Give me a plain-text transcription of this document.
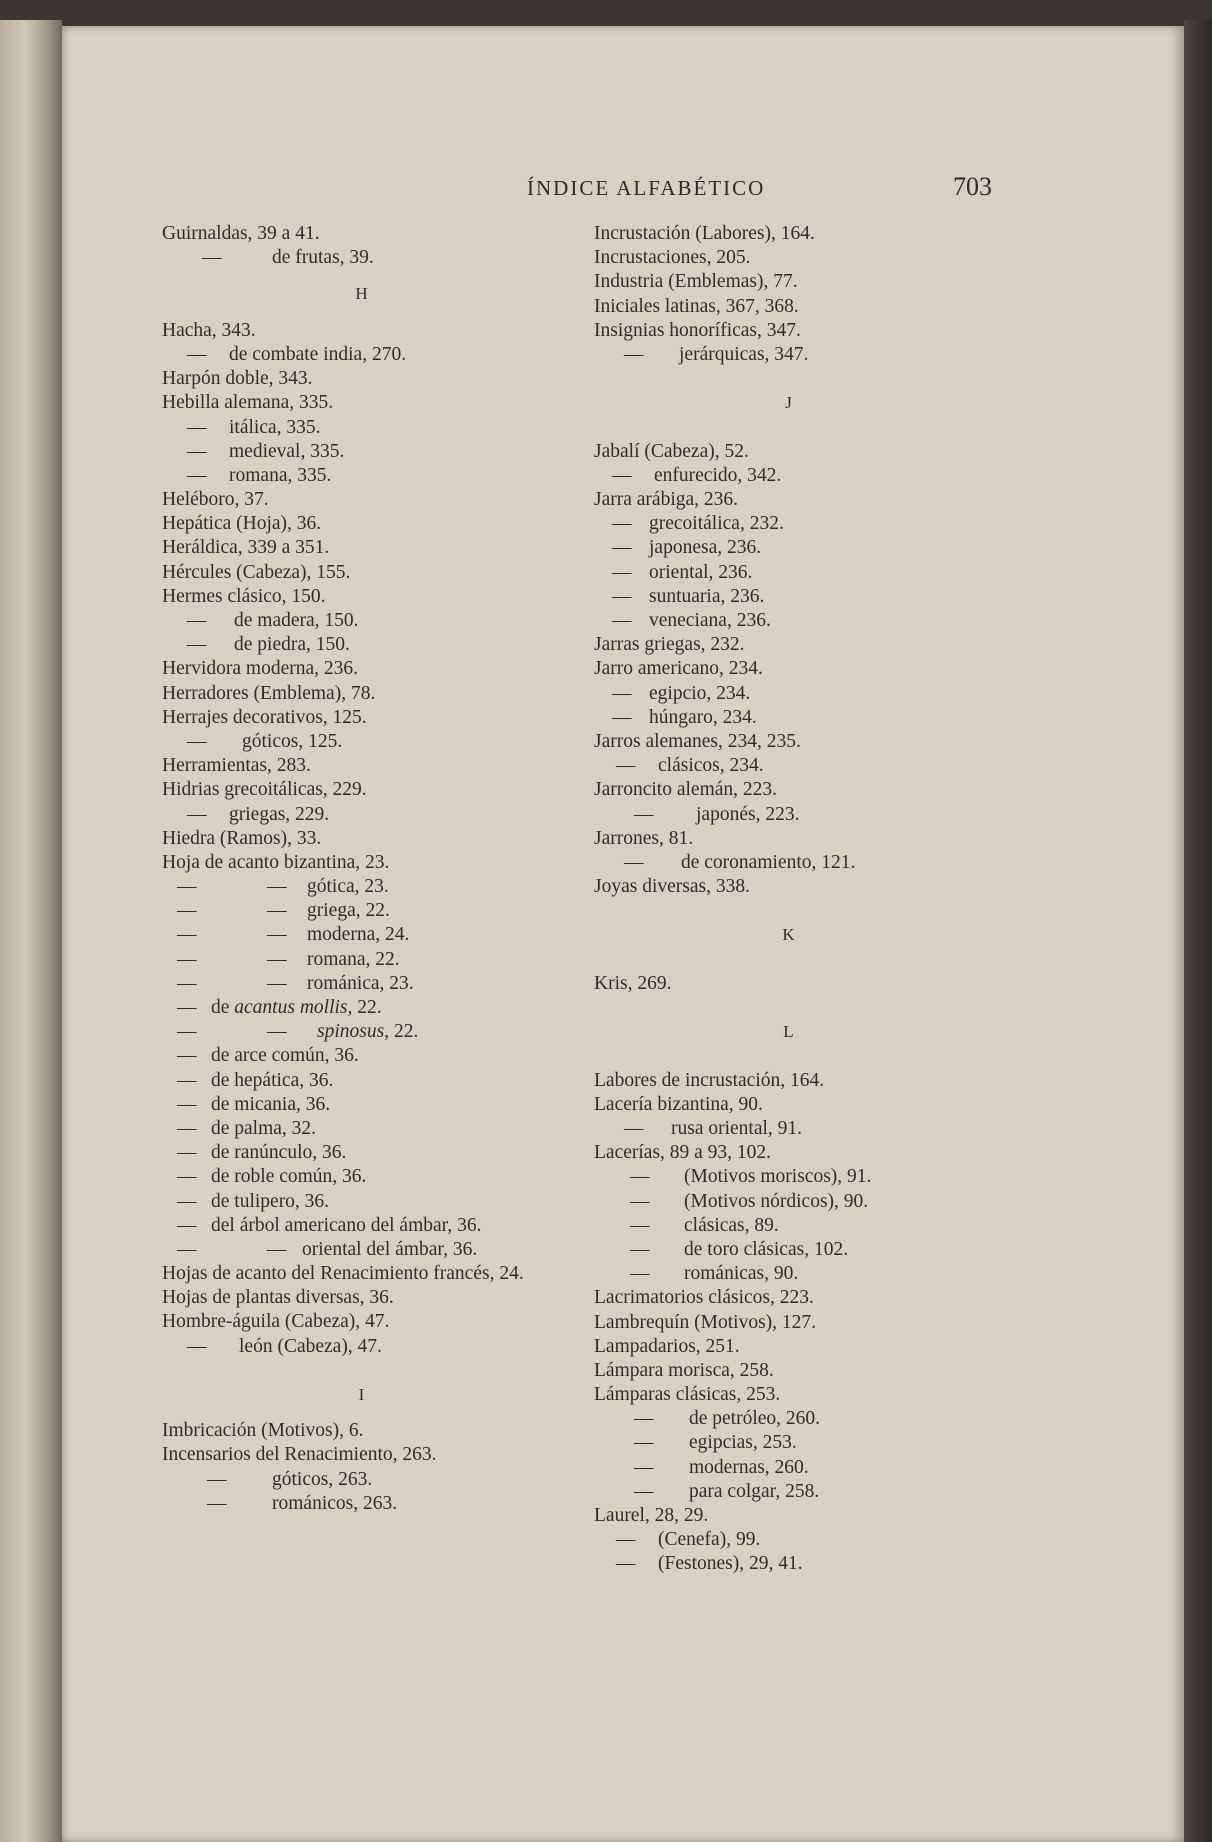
ÍNDICE ALFABÉTICO	703
Guirnaldas, 39 a 41.
—	de frutas, 39.
H
Hacha, 343.
— de combate india, 270.
Harpón doble, 343.
Hebilla alemana, 335.
— itálica, 335.
— medieval, 335.
— romana, 335.
Heléboro, 37.
Hepática (Hoja), 36.
Heráldica, 339 a 351.
Hércules (Cabeza), 155.
Hermes clásico, 150.
— de madera, 150.
— de piedra, 150.
Hervidora moderna, 236.
Herradores (Emblema), 78.
Herrajes decorativos, 125.
— góticos, 125.
Herramientas, 283.
Hidrias grecoitálicas, 229.
— griegas, 229.
Hiedra (Ramos), 33.
Hoja de acanto bizantina, 23.
—	— gótica, 23.
—	— griega, 22.
—	— moderna, 24.
—	— romana, 22.
—	— románica, 23.
— de acantus mollis, 22.
—	— spinosus, 22.
— de arce común, 36.
— de hepática, 36.
— de micania, 36.
— de palma, 32.
— de ranúnculo, 36.
— de roble común, 36.
— de tulipero, 36.
— del árbol americano del ámbar, 36.
—	— oriental del ámbar, 36.
Hojas de acanto del Renacimiento francés, 24.
Hojas de plantas diversas, 36.
Hombre-águila (Cabeza), 47.
— león (Cabeza), 47.
I
Imbricación (Motivos), 6.
Incensarios del Renacimiento, 263.
— góticos, 263.
— románicos, 263.
Incrustación (Labores), 164.
Incrustaciones, 205.
Industria (Emblemas), 77.
Iniciales latinas, 367, 368.
Insignias honoríficas, 347.
— jerárquicas, 347.
J
Jabalí (Cabeza), 52.
— enfurecido, 342.
Jarra arábiga, 236.
— grecoitálica, 232.
— japonesa, 236.
— oriental, 236.
— suntuaria, 236.
— veneciana, 236.
Jarras griegas, 232.
Jarro americano, 234.
— egipcio, 234.
— húngaro, 234.
Jarros alemanes, 234, 235.
— clásicos, 234.
Jarroncito alemán, 223.
— japonés, 223.
Jarrones, 81.
— de coronamiento, 121.
Joyas diversas, 338.
K
Kris, 269.
L
Labores de incrustación, 164.
Lacería bizantina, 90.
— rusa oriental, 91.
Lacerías, 89 a 93, 102.
— (Motivos moriscos), 91.
— (Motivos nórdicos), 90.
— clásicas, 89.
— de toro clásicas, 102.
— románicas, 90.
Lacrimatorios clásicos, 223.
Lambrequín (Motivos), 127.
Lampadarios, 251.
Lámpara morisca, 258.
Lámparas clásicas, 253.
— de petróleo, 260.
— egipcias, 253.
— modernas, 260.
— para colgar, 258.
Laurel, 28, 29.
— (Cenefa), 99.
— (Festones), 29, 41.
